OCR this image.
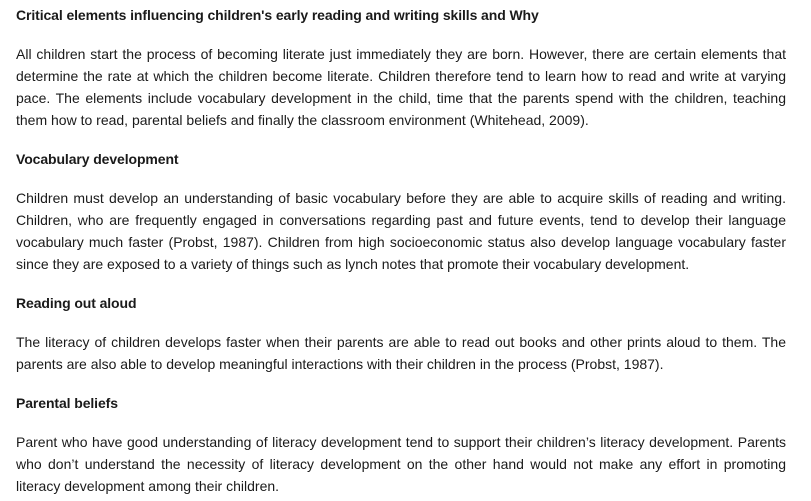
Critical elements influencing children's early reading and writing skills and Why

All children start the process of becoming literate just immediately they are born. However, there are certain elements that determine the rate at which the children become literate. Children therefore tend to learn how to read and write at varying pace. The elements include vocabulary development in the child, time that the parents spend with the children, teaching them how to read, parental beliefs and finally the classroom environment (Whitehead, 2009).

Vocabulary development

Children must develop an understanding of basic vocabulary before they are able to acquire skills of reading and writing. Children, who are frequently engaged in conversations regarding past and future events, tend to develop their language vocabulary much faster (Probst, 1987). Children from high socioeconomic status also develop language vocabulary faster since they are exposed to a variety of things such as lynch notes that promote their vocabulary development.

Reading out aloud

The literacy of children develops faster when their parents are able to read out books and other prints aloud to them. The parents are also able to develop meaningful interactions with their children in the process (Probst, 1987).

Parental beliefs

Parent who have good understanding of literacy development tend to support their children’s literacy development. Parents who don’t understand the necessity of literacy development on the other hand would not make any effort in promoting literacy development among their children.
